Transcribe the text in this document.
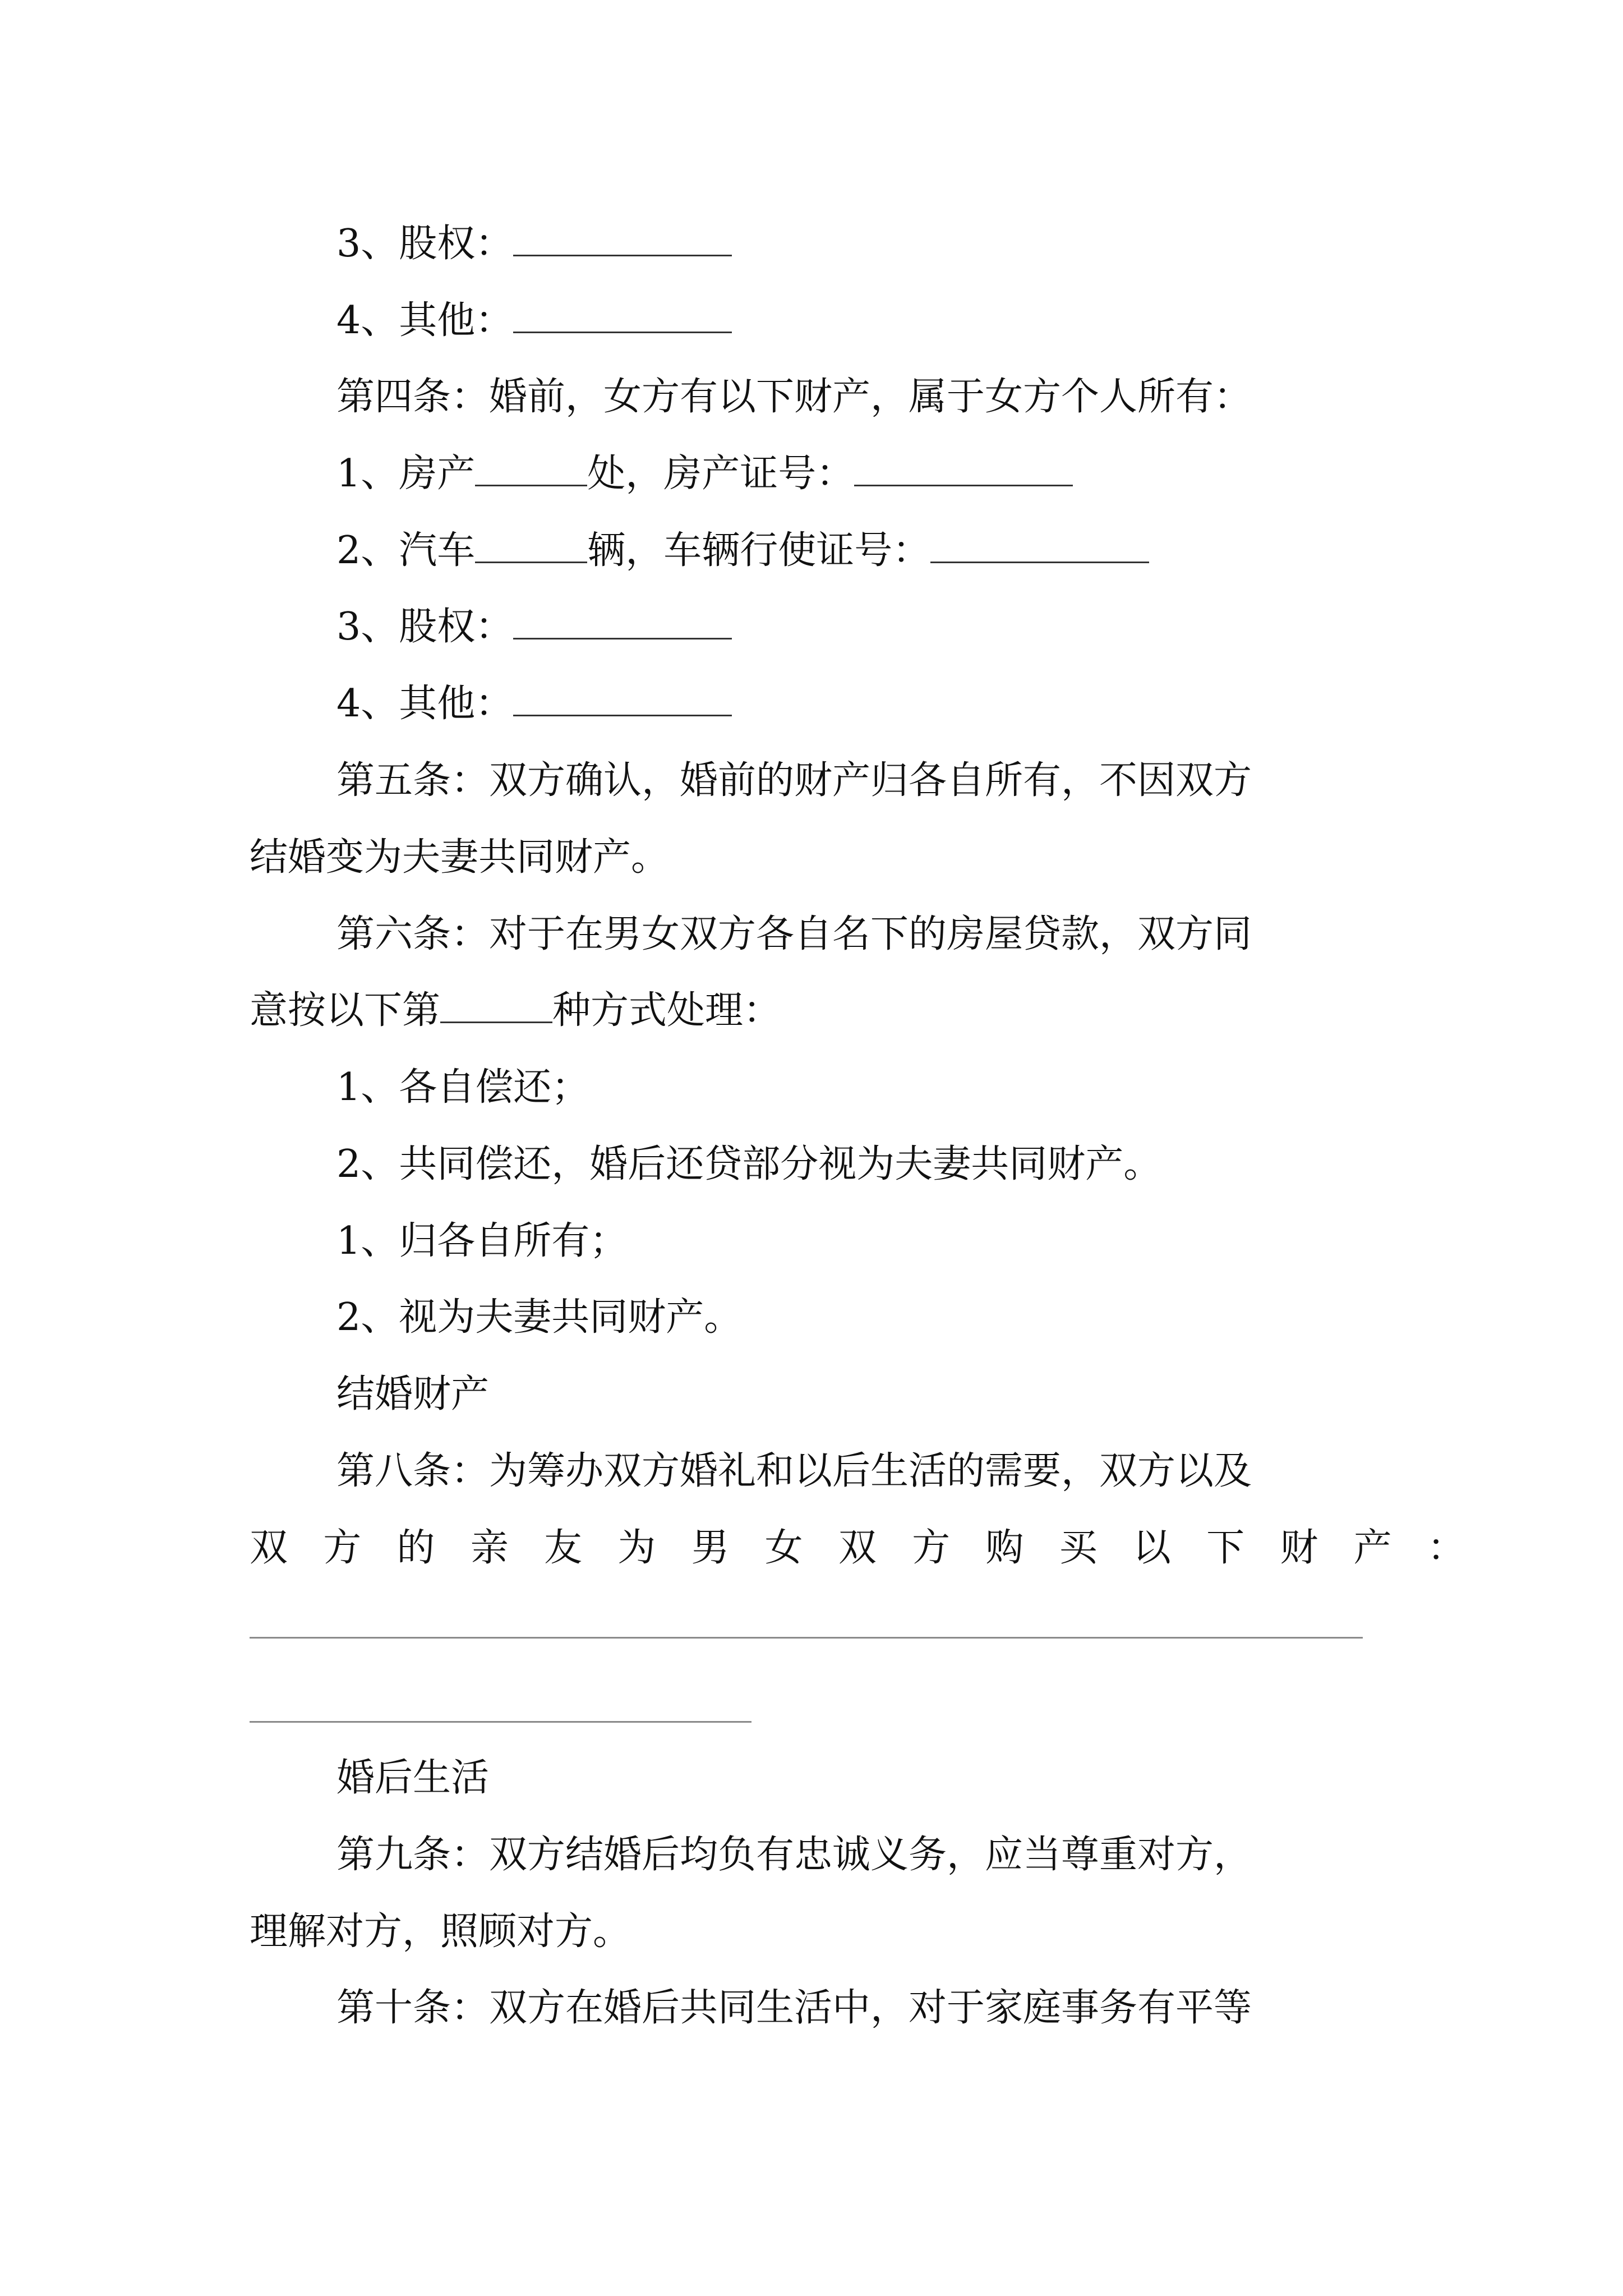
3、股权：
4、其他：
第四条：婚前，女方有以下财产，属于女方个人所有：
1、房产	处，房产证号：
2、汽车	辆，车辆行使证号：
3、股权：
4、其他：
第五条：双方确认，婚前的财产归各自所有，不因双方
结婚变为夫妻共同财产。
第六条：对于在男女双方各自名下的房屋贷款，双方同
意按以下第	种方式处理：
1、各自偿还；
2、共同偿还，婚后还贷部分视为夫妻共同财产。
1、归各自所有；
2、视为夫妻共同财产。
结婚财产
第八条：为筹办双方婚礼和以后生活的需要，双方以及
双方的亲友为男女双方购买以下财产：
婚后生活
第九条：双方结婚后均负有忠诚义务，应当尊重对方，
理解对方，照顾对方。
第十条：双方在婚后共同生活中，对于家庭事务有平等
